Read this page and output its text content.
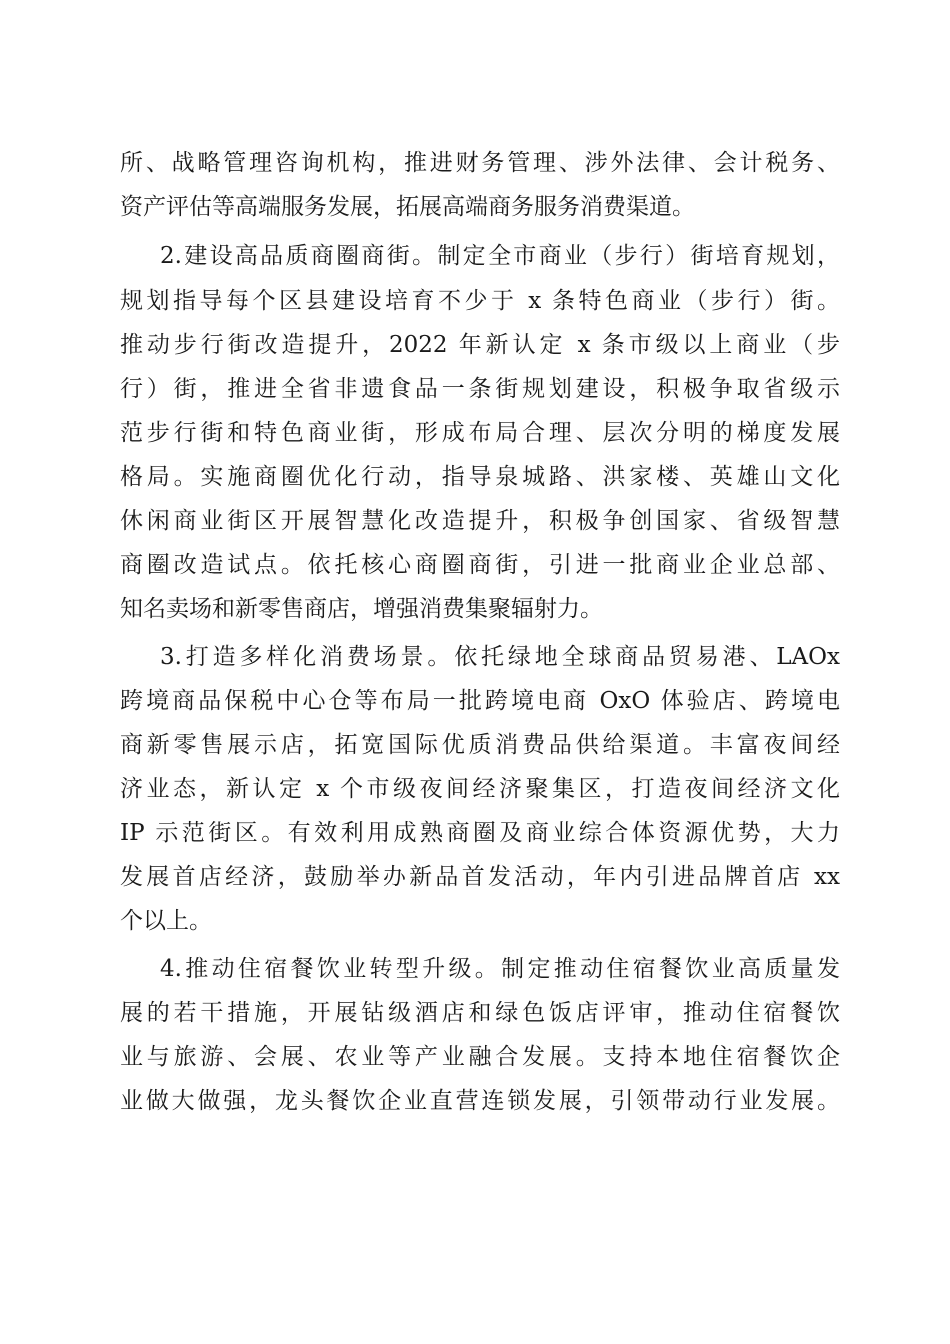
所、战略管理咨询机构，推进财务管理、涉外法律、会计税务、
资产评估等高端服务发展，拓展高端商务服务消费渠道。
2.建设高品质商圈商街。制定全市商业（步行）街培育规划，
规划指导每个区县建设培育不少于 x 条特色商业（步行）街。
推动步行街改造提升，2022 年新认定 x 条市级以上商业（步
行）街，推进全省非遗食品一条街规划建设，积极争取省级示
范步行街和特色商业街，形成布局合理、层次分明的梯度发展
格局。实施商圈优化行动，指导泉城路、洪家楼、英雄山文化
休闲商业街区开展智慧化改造提升，积极争创国家、省级智慧
商圈改造试点。依托核心商圈商街，引进一批商业企业总部、
知名卖场和新零售商店，增强消费集聚辐射力。
3.打造多样化消费场景。依托绿地全球商品贸易港、LAOx
跨境商品保税中心仓等布局一批跨境电商 OxO 体验店、跨境电
商新零售展示店，拓宽国际优质消费品供给渠道。丰富夜间经
济业态，新认定 x 个市级夜间经济聚集区，打造夜间经济文化
IP 示范街区。有效利用成熟商圈及商业综合体资源优势，大力
发展首店经济，鼓励举办新品首发活动，年内引进品牌首店 xx
个以上。
4.推动住宿餐饮业转型升级。制定推动住宿餐饮业高质量发
展的若干措施，开展钻级酒店和绿色饭店评审，推动住宿餐饮
业与旅游、会展、农业等产业融合发展。支持本地住宿餐饮企
业做大做强，龙头餐饮企业直营连锁发展，引领带动行业发展。
